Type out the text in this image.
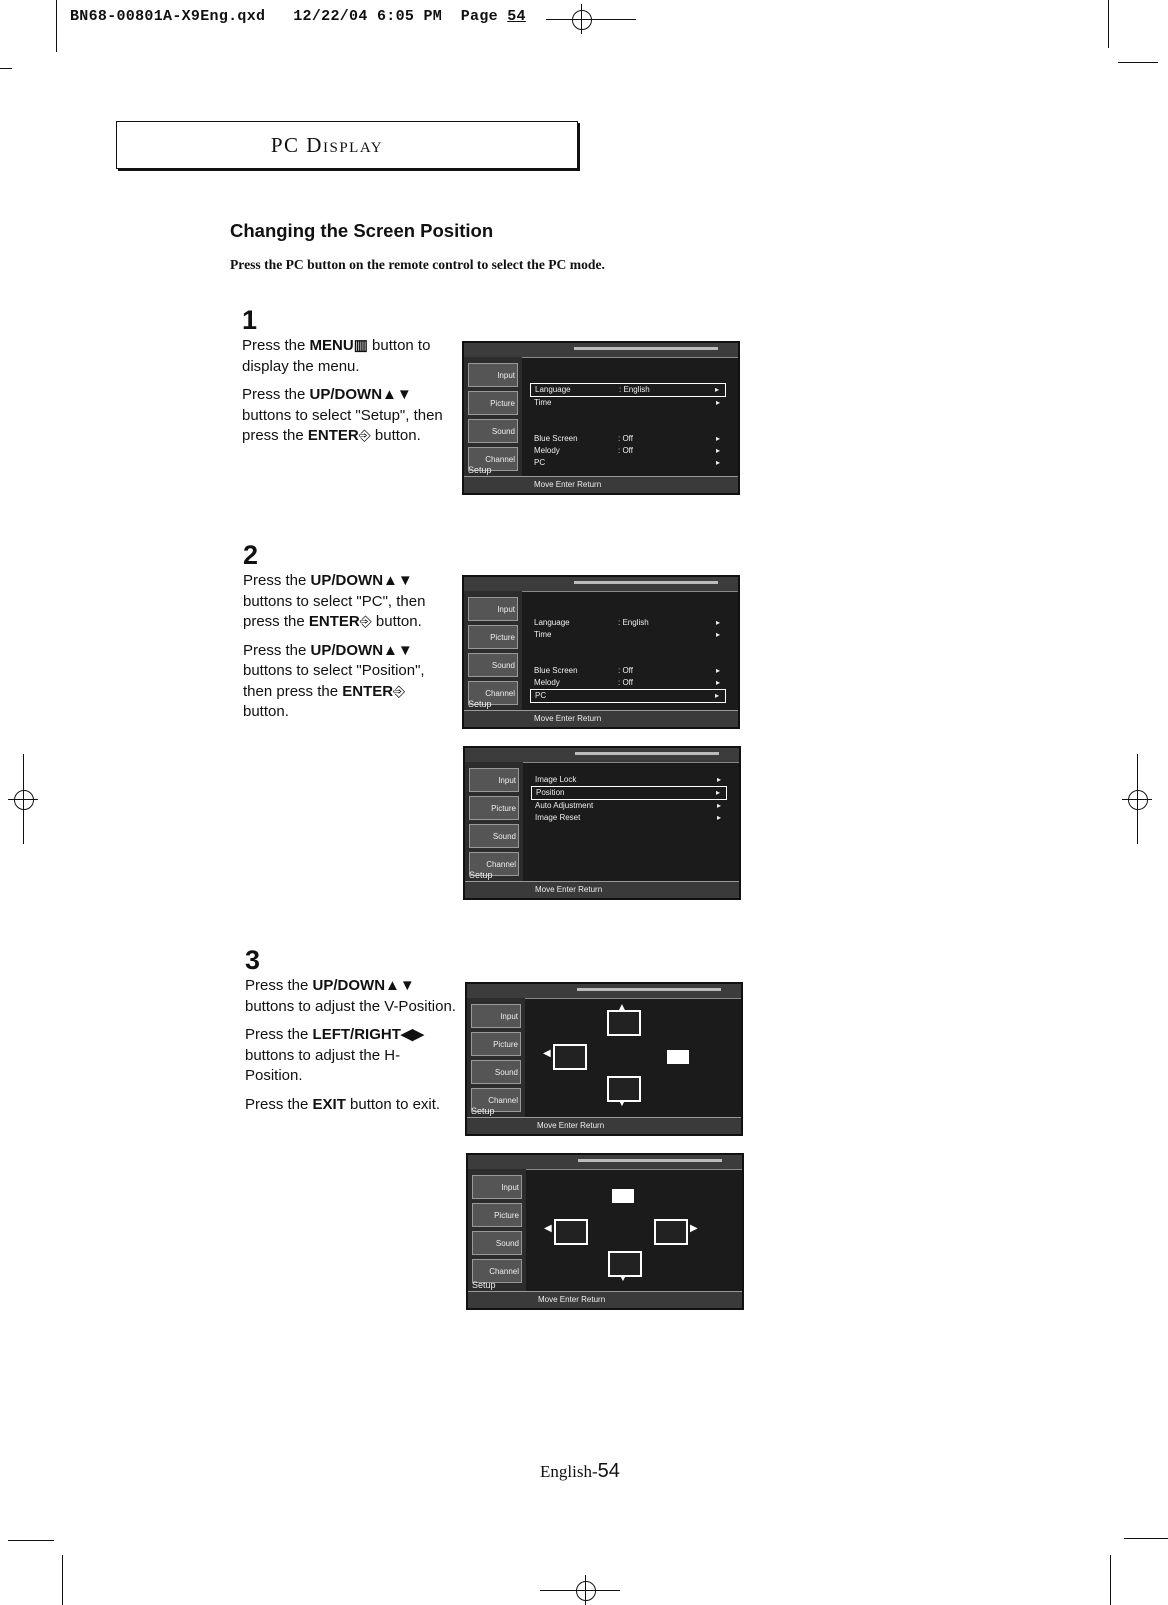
BN68-00801A-X9Eng.qxd 12/22/04 6:05 PM Page 54
PC Display
Changing the Screen Position
Press the PC button on the remote control to select the PC mode.
1

Press the MENU▥ button to display the menu.

Press the UP/DOWN▲▼ buttons to select "Setup", then press the ENTER⎆ button.

2

Press the UP/DOWN▲▼ buttons to select "PC", then press the ENTER⎆ button.

Press the UP/DOWN▲▼ buttons to select "Position", then press the ENTER⎆ button.

3

Press the UP/DOWN▲▼ buttons to adjust the V-Position.

Press the LEFT/RIGHT◀▶ buttons to adjust the H-Position.

Press the EXIT button to exit.

Input
Picture
Sound
Channel
Setup
Language	: English	▸
Time	▸
Blue Screen	: Off	▸
Melody	: Off	▸
PC	▸
Move Enter Return
Input
Picture
Sound
Channel
Setup
Language	: English	▸
Time	▸
Blue Screen	: Off	▸
Melody	: Off	▸
PC	▸
Move Enter Return
Input
Picture
Sound
Channel
Setup
Image Lock	▸
Position	▸
Auto Adjustment	▸
Image Reset	▸
Move Enter Return
Input
Picture
Sound
Channel
Setup
▲
◀
▼
Move Enter Return
Input
Picture
Sound
Channel
Setup
◀	▶
▼
Move Enter Return
English-54
